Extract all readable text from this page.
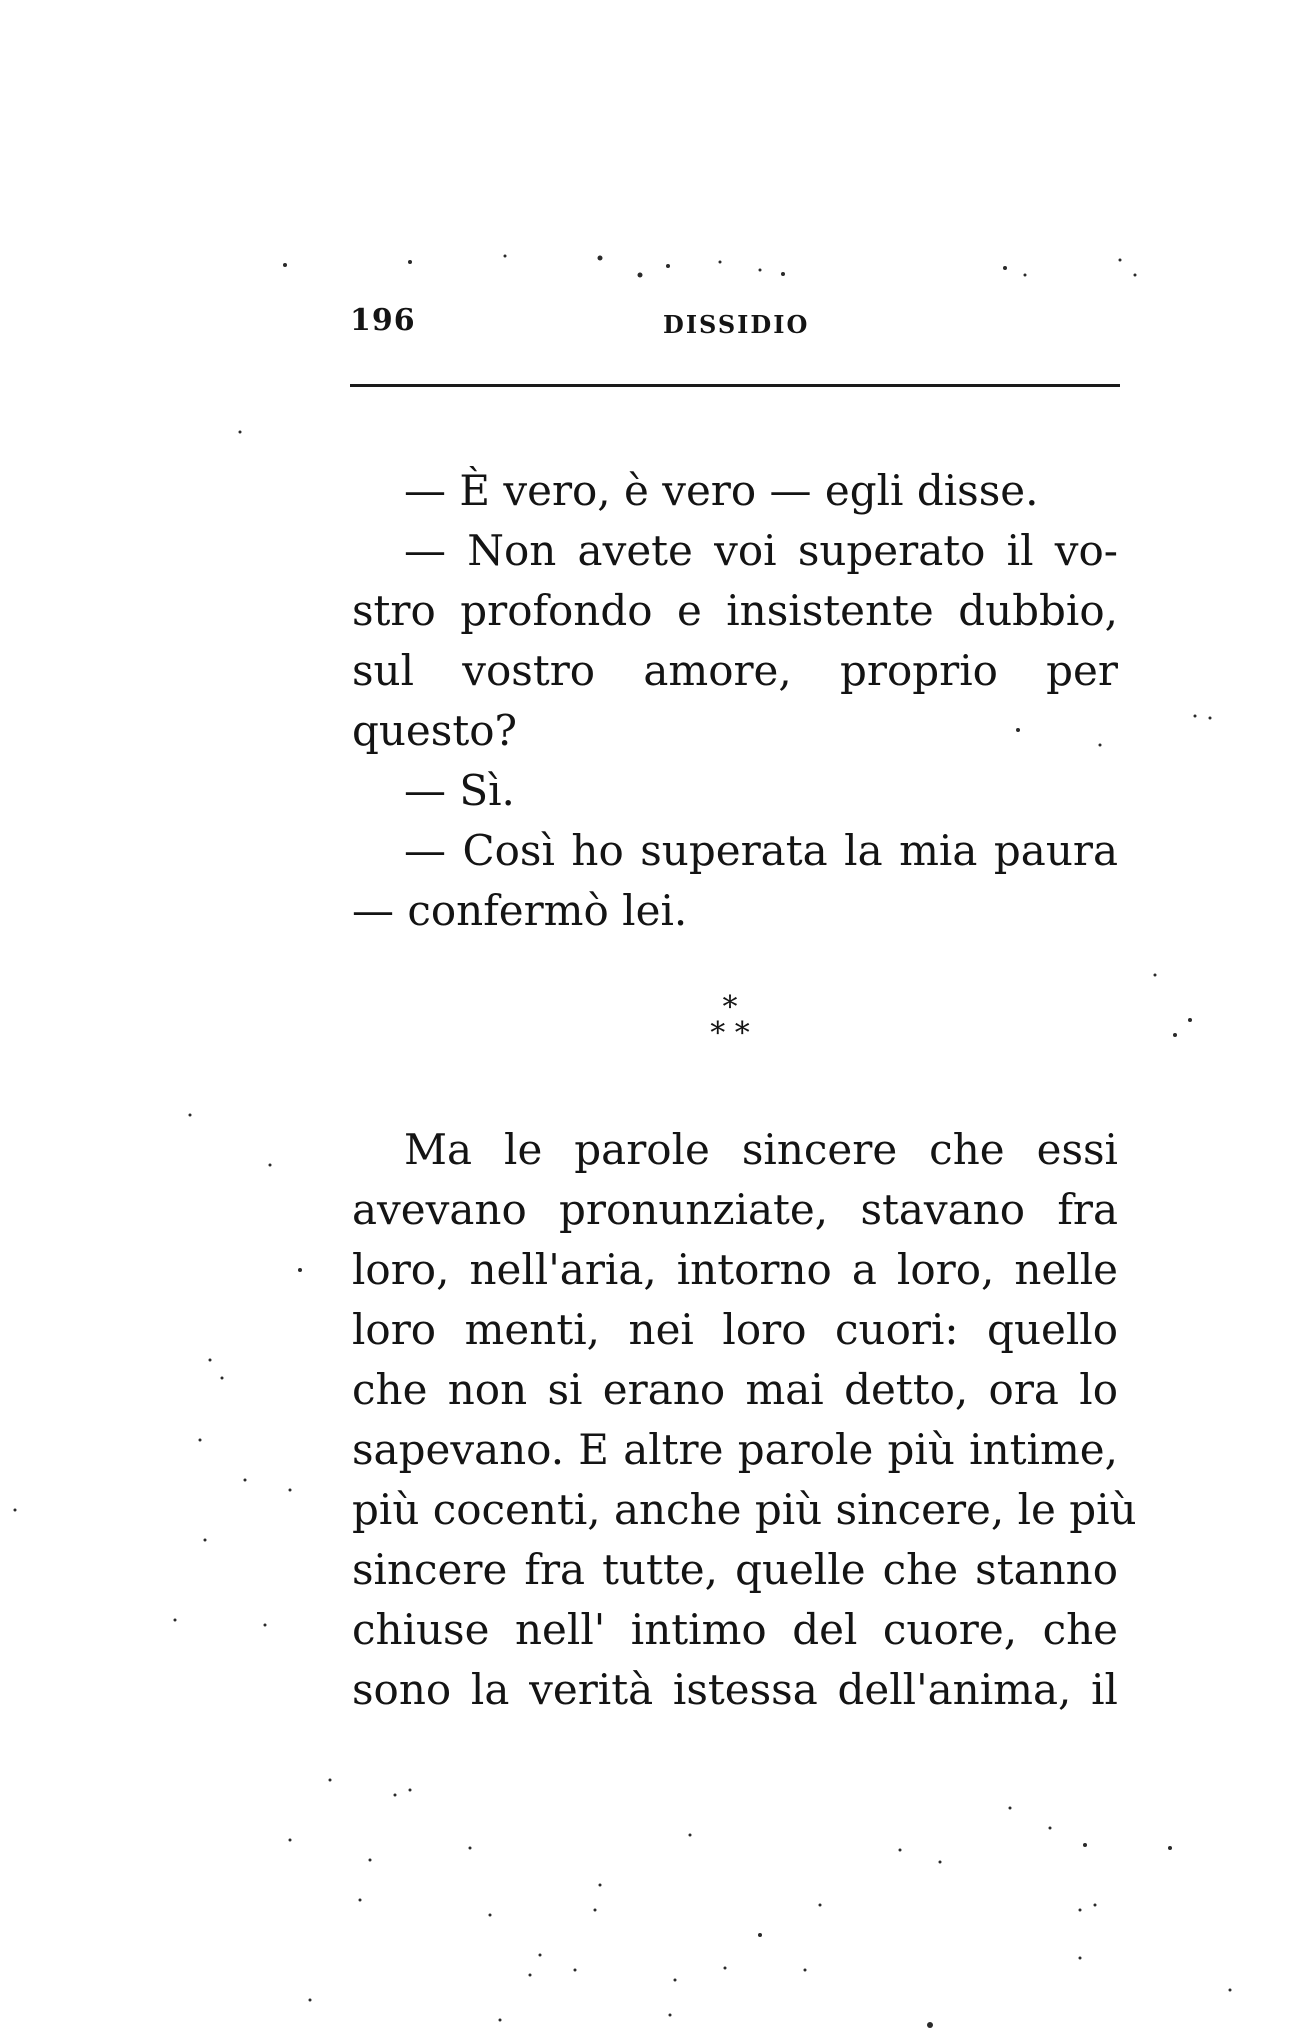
196	DISSIDIO
— È vero, è vero — egli disse.
— Non avete voi superato il vo-
stro profondo e insistente dubbio,
sul vostro amore, proprio per
questo?
— Sì.
— Così ho superata la mia paura
— confermò lei.
*
* *
Ma le parole sincere che essi
avevano pronunziate, stavano fra
loro, nell'aria, intorno a loro, nelle
loro menti, nei loro cuori: quello
che non si erano mai detto, ora lo
sapevano. E altre parole più intime,
più cocenti, anche più sincere, le più
sincere fra tutte, quelle che stanno
chiuse nell' intimo del cuore, che
sono la verità istessa dell'anima, il
